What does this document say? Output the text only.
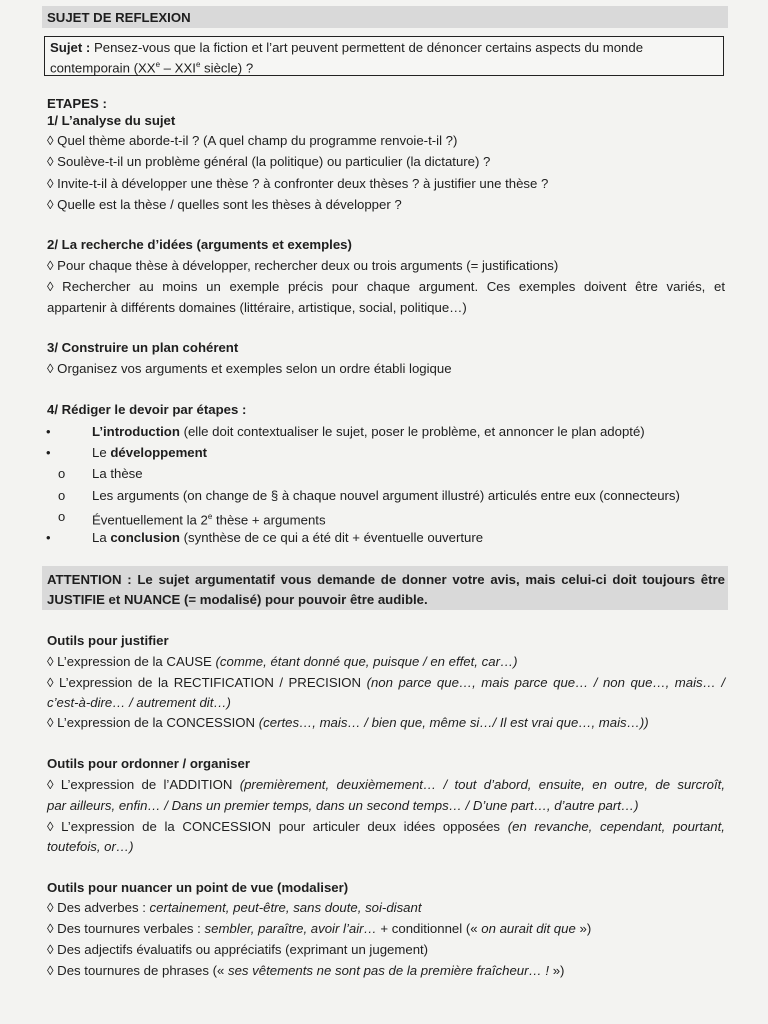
SUJET DE REFLEXION
Sujet : Pensez-vous que la fiction et l’art peuvent permettent de dénoncer certains aspects du monde
contemporain (XXe – XXIe siècle) ?
ETAPES :
1/ L’analyse du sujet
◊ Quel thème aborde-t-il ? (A quel champ du programme renvoie-t-il ?)
◊ Soulève-t-il un problème général (la politique) ou particulier (la dictature) ?
◊ Invite-t-il à développer une thèse ? à confronter deux thèses ? à justifier une thèse ?
◊ Quelle est la thèse / quelles sont les thèses à développer ?
2/ La recherche d’idées (arguments et exemples)
◊ Pour chaque thèse à développer, rechercher deux ou trois arguments (= justifications)
◊ Rechercher au moins un exemple précis pour chaque argument. Ces exemples doivent être variés, et
appartenir à différents domaines (littéraire, artistique, social, politique…)
3/ Construire un plan cohérent
◊ Organisez vos arguments et exemples selon un ordre établi logique
4/ Rédiger le devoir par étapes :
•	L’introduction (elle doit contextualiser le sujet, poser le problème, et annoncer le plan adopté)
•	Le développement
o La thèse
o Les arguments (on change de § à chaque nouvel argument illustré) articulés entre eux (connecteurs)
o Éventuellement la 2e thèse + arguments
•	La conclusion (synthèse de ce qui a été dit + éventuelle ouverture
ATTENTION : Le sujet argumentatif vous demande de donner votre avis, mais celui-ci doit toujours être
JUSTIFIE et NUANCE (= modalisé) pour pouvoir être audible.
Outils pour justifier
◊ L’expression de la CAUSE (comme, étant donné que, puisque / en effet, car…)
◊ L’expression de la RECTIFICATION / PRECISION (non parce que…, mais parce que… / non que…, mais… /
c’est-à-dire… / autrement dit…)
◊ L’expression de la CONCESSION (certes…, mais… / bien que, même si…/ Il est vrai que…, mais…))
Outils pour ordonner / organiser
◊ L’expression de l’ADDITION (premièrement, deuxièmement… / tout d’abord, ensuite, en outre, de surcroît,
par ailleurs, enfin… / Dans un premier temps, dans un second temps… / D’une part…, d’autre part…)
◊ L’expression de la CONCESSION pour articuler deux idées opposées (en revanche, cependant, pourtant,
toutefois, or…)
Outils pour nuancer un point de vue (modaliser)
◊ Des adverbes : certainement, peut-être, sans doute, soi-disant
◊ Des tournures verbales : sembler, paraître, avoir l’air… + conditionnel (« on aurait dit que »)
◊ Des adjectifs évaluatifs ou appréciatifs (exprimant un jugement)
◊ Des tournures de phrases (« ses vêtements ne sont pas de la première fraîcheur… ! »)
